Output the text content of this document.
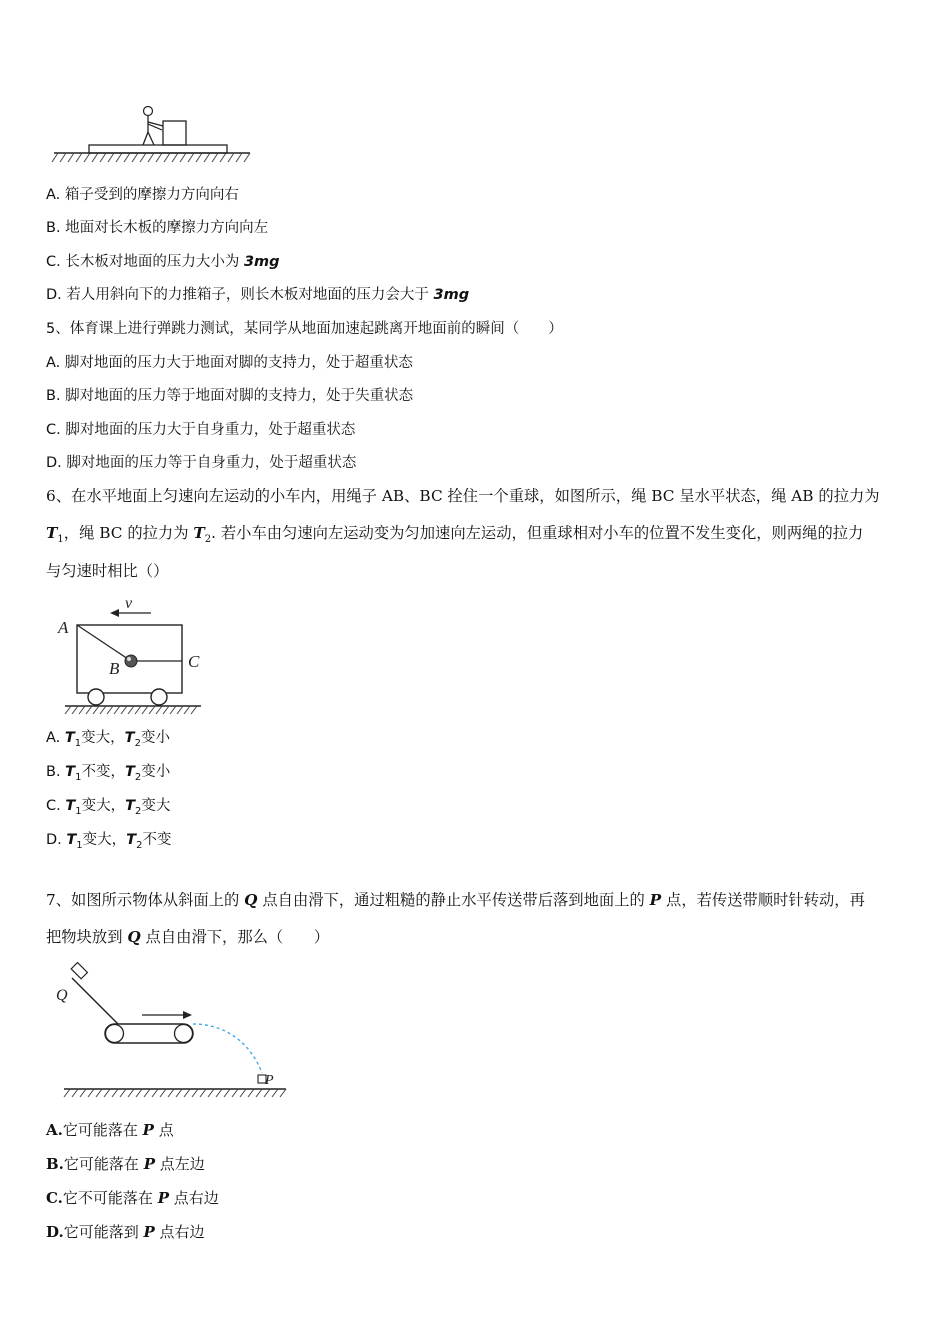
A. 箱子受到的摩擦力方向向右
B. 地面对长木板的摩擦力方向向左
C. 长木板对地面的压力大小为 3mg
D. 若人用斜向下的力推箱子，则长木板对地面的压力会大于 3mg
5、体育课上进行弹跳力测试，某同学从地面加速起跳离开地面前的瞬间（　　）
A. 脚对地面的压力大于地面对脚的支持力，处于超重状态
B. 脚对地面的压力等于地面对脚的支持力，处于失重状态
C. 脚对地面的压力大于自身重力，处于超重状态
D. 脚对地面的压力等于自身重力，处于超重状态
6、在水平地面上匀速向左运动的小车内，用绳子 AB、BC 拴住一个重球，如图所示，绳 BC 呈水平状态，绳 AB 的拉力为
$T_1$，绳 BC 的拉力为 $T_2$. 若小车由匀速向左运动变为匀加速向左运动，但重球相对小车的位置不发生变化，则两绳的拉力
与匀速时相比（）
v
A
B	C
A. $T_1$变大，$T_2$变小
B. $T_1$不变，$T_2$变小
C. $T_1$变大，$T_2$变大
D. $T_1$变大，$T_2$不变
7、如图所示物体从斜面上的 Q 点自由滑下，通过粗糙的静止水平传送带后落到地面上的 P 点，若传送带顺时针转动，再
把物块放到 Q 点自由滑下，那么（　　）
Q
P
A.它可能落在 P 点
B.它可能落在 P 点左边
C.它不可能落在 P 点右边
D.它可能落到 P 点右边
